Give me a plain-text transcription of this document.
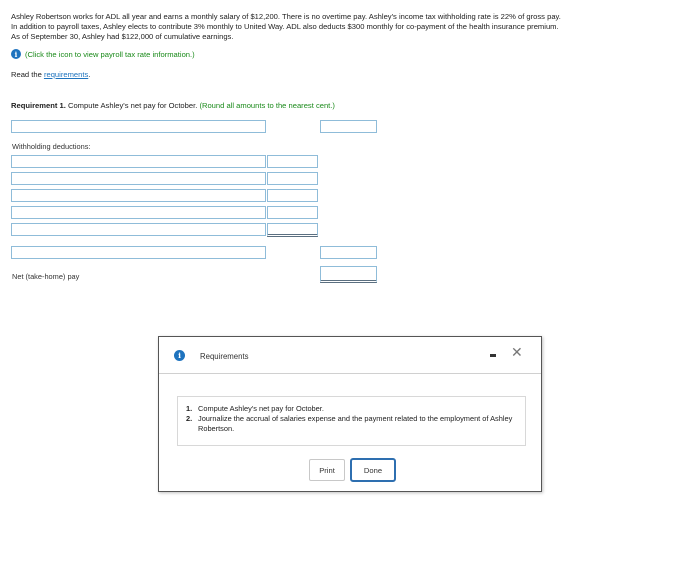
Ashley Robertson works for ADL all year and earns a monthly salary of $12,200. There is no overtime pay. Ashley's income tax withholding rate is 22% of gross pay.
In addition to payroll taxes, Ashley elects to contribute 3% monthly to United Way. ADL also deducts $300 monthly for co-payment of the health insurance premium.
As of September 30, Ashley had $122,000 of cumulative earnings.
i	(Click the icon to view payroll tax rate information.)
Read the requirements.
Requirement 1. Compute Ashley's net pay for October. (Round all amounts to the nearest cent.)
Withholding deductions:
Net (take-home) pay
i	Requirements	✕
1. Compute Ashley's net pay for October.
2. Journalize the accrual of salaries expense and the payment related to the employment of Ashley Robertson.
Print	Done
